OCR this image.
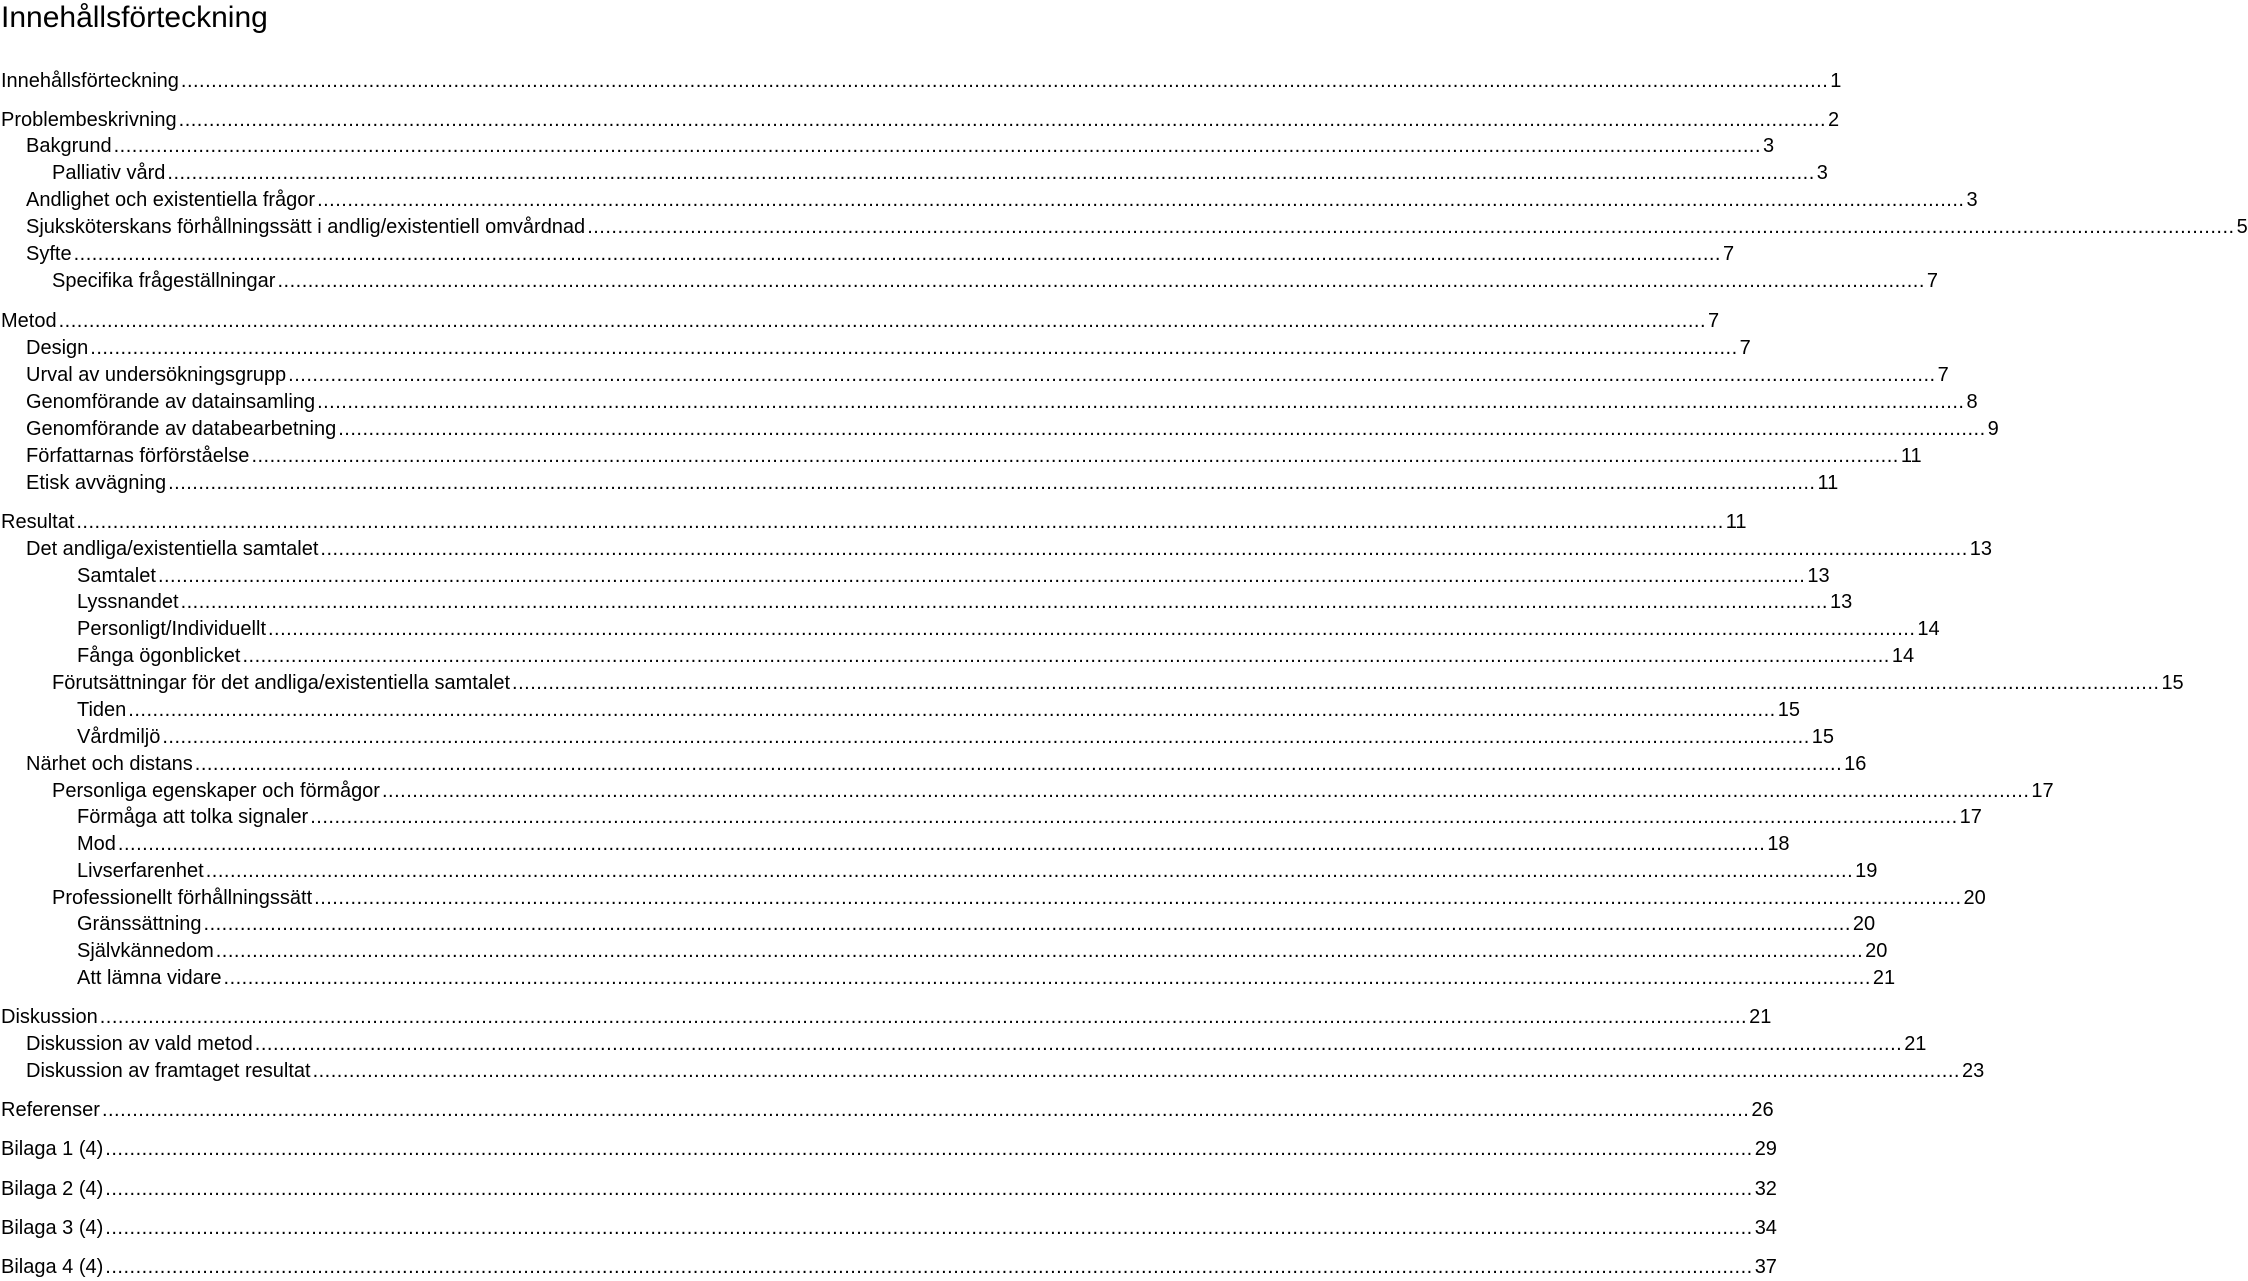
Innehållsförteckning
Innehållsförteckning .....	1
Problembeskrivning .....	2
Bakgrund .....	3
Palliativ vård .....	3
Andlighet och existentiella frågor .....	3
Sjuksköterskans förhållningssätt i andlig/existentiell omvårdnad .....	5
Syfte .....	7
Specifika frågeställningar .....	7
Metod .....	7
Design .....	7
Urval av undersökningsgrupp .....	7
Genomförande av datainsamling .....	8
Genomförande av databearbetning .....	9
Författarnas förförståelse .....	11
Etisk avvägning .....	11
Resultat .....	11
Det andliga/existentiella samtalet .....	13
Samtalet .....	13
Lyssnandet .....	13
Personligt/Individuellt .....	14
Fånga ögonblicket .....	14
Förutsättningar för det andliga/existentiella samtalet .....	15
Tiden .....	15
Vårdmiljö .....	15
Närhet och distans .....	16
Personliga egenskaper och förmågor .....	17
Förmåga att tolka signaler .....	17
Mod .....	18
Livserfarenhet .....	19
Professionellt förhållningssätt .....	20
Gränssättning .....	20
Självkännedom .....	20
Att lämna vidare .....	21
Diskussion .....	21
Diskussion av vald metod .....	21
Diskussion av framtaget resultat .....	23
Referenser .....	26
Bilaga 1 (4) .....	29
Bilaga 2 (4) .....	32
Bilaga 3 (4) .....	34
Bilaga 4 (4) .....	37
